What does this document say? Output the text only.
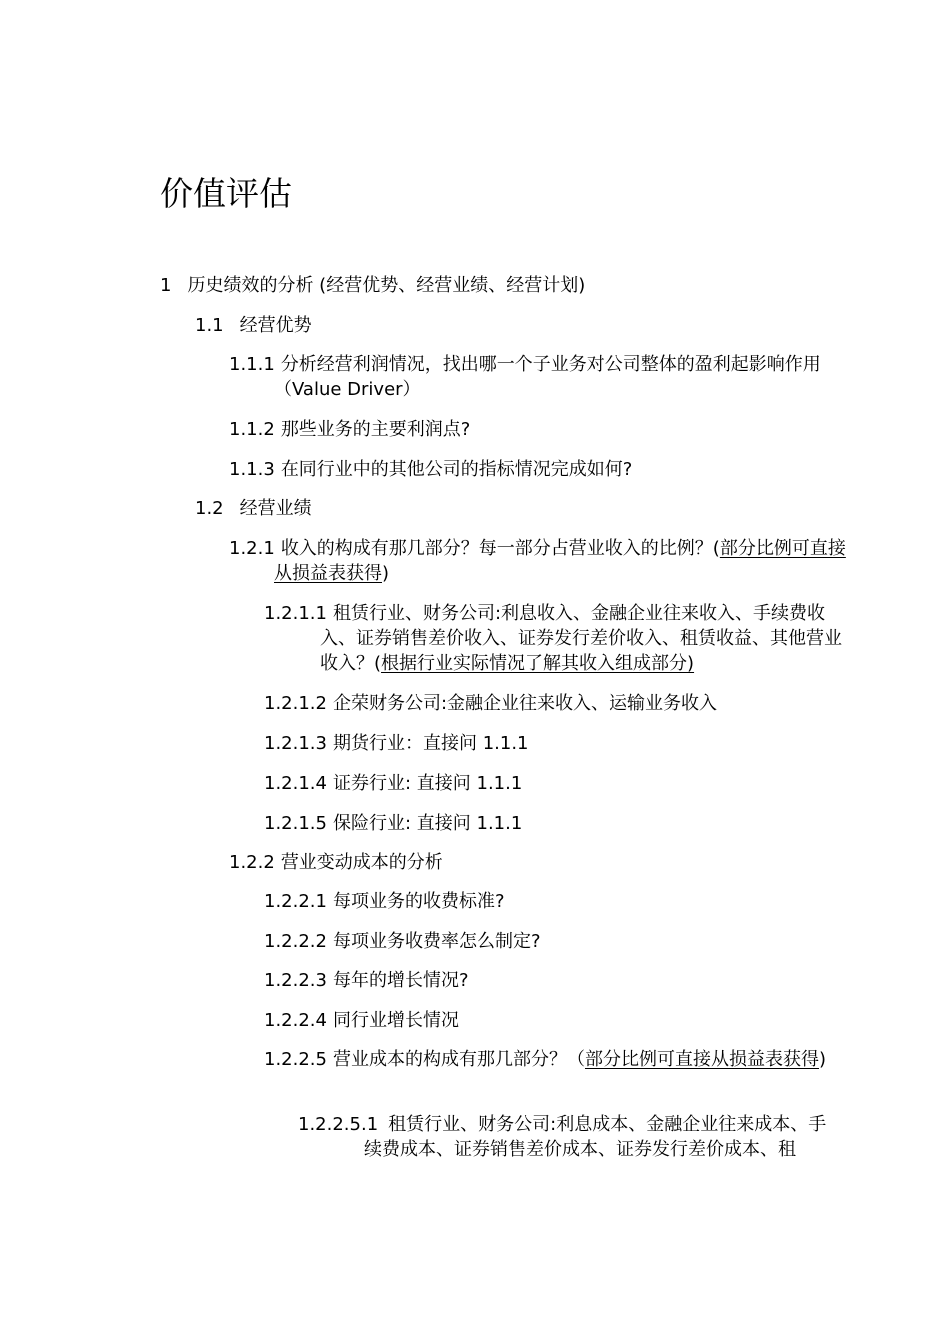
价值评估
1 历史绩效的分析 (经营优势、经营业绩、经营计划)
1.1 经营优势
1.1.1 分析经营利润情况，找出哪一个子业务对公司整体的盈利起影响作用（Value Driver）
1.1.2 那些业务的主要利润点?
1.1.3 在同行业中的其他公司的指标情况完成如何?
1.2 经营业绩
1.2.1 收入的构成有那几部分？每一部分占营业收入的比例？(部分比例可直接从损益表获得)
1.2.1.1 租赁行业、财务公司:利息收入、金融企业往来收入、手续费收入、证券销售差价收入、证券发行差价收入、租赁收益、其他营业收入？(根据行业实际情况了解其收入组成部分)
1.2.1.2 企荣财务公司:金融企业往来收入、运输业务收入
1.2.1.3 期货行业：直接问 1.1.1
1.2.1.4 证券行业: 直接问 1.1.1
1.2.1.5 保险行业: 直接问 1.1.1
1.2.2 营业变动成本的分析
1.2.2.1 每项业务的收费标准?
1.2.2.2 每项业务收费率怎么制定?
1.2.2.3 每年的增长情况?
1.2.2.4 同行业增长情况
1.2.2.5 营业成本的构成有那几部分？（部分比例可直接从损益表获得)
1.2.2.5.1 租赁行业、财务公司:利息成本、金融企业往来成本、手续费成本、证券销售差价成本、证券发行差价成本、租
